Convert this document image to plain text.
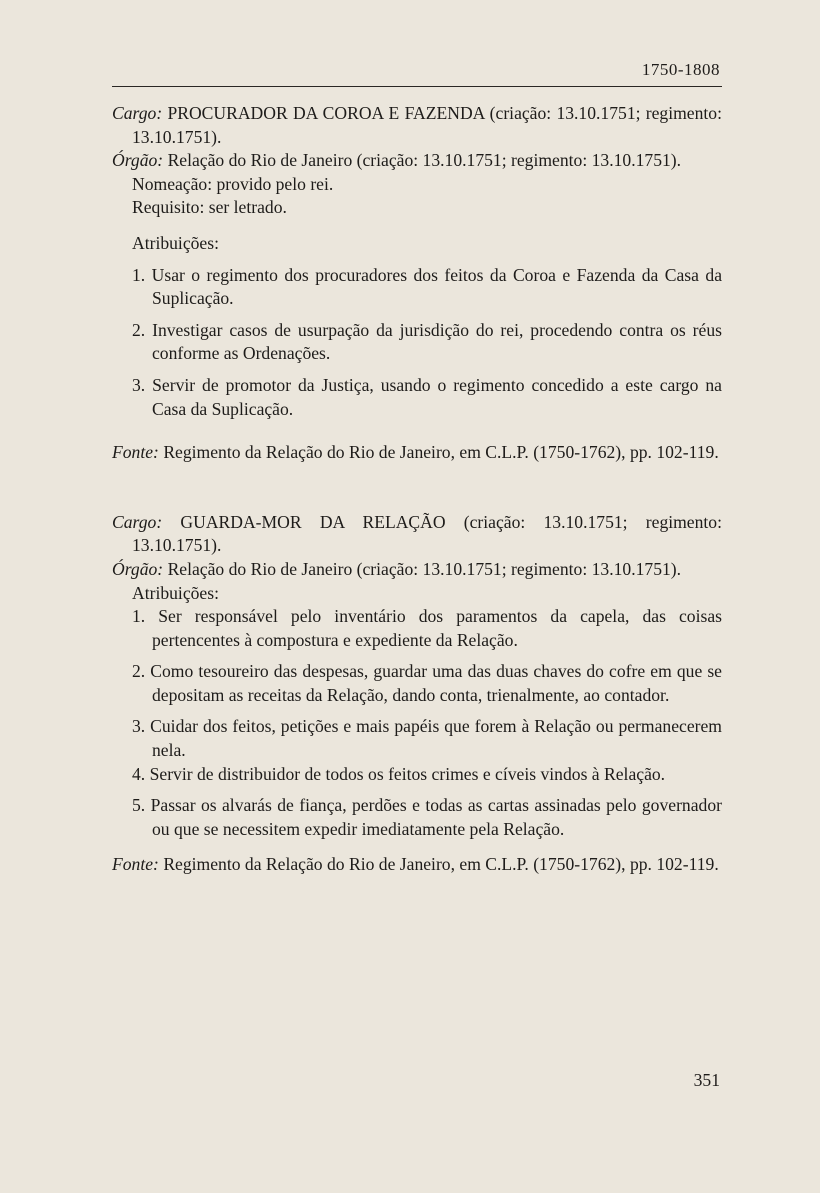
1750-1808

Cargo: PROCURADOR DA COROA E FAZENDA (criação: 13.10.1751; regimento: 13.10.1751).

Órgão: Relação do Rio de Janeiro (criação: 13.10.1751; regimento: 13.10.1751).

Nomeação: provido pelo rei.

Requisito: ser letrado.

Atribuições:

1. Usar o regimento dos procuradores dos feitos da Coroa e Fazenda da Casa da Suplicação.

2. Investigar casos de usurpação da jurisdição do rei, procedendo contra os réus conforme as Ordenações.

3. Servir de promotor da Justiça, usando o regimento concedido a este cargo na Casa da Suplicação.

Fonte: Regimento da Relação do Rio de Janeiro, em C.L.P. (1750-1762), pp. 102-119.

Cargo: GUARDA-MOR DA RELAÇÃO (criação: 13.10.1751; regimento: 13.10.1751).

Órgão: Relação do Rio de Janeiro (criação: 13.10.1751; regimento: 13.10.1751).

Atribuições:

1. Ser responsável pelo inventário dos paramentos da capela, das coisas pertencentes à compostura e expediente da Relação.

2. Como tesoureiro das despesas, guardar uma das duas chaves do cofre em que se depositam as receitas da Relação, dando conta, trienalmente, ao contador.

3. Cuidar dos feitos, petições e mais papéis que forem à Relação ou permanecerem nela.

4. Servir de distribuidor de todos os feitos crimes e cíveis vindos à Relação.

5. Passar os alvarás de fiança, perdões e todas as cartas assinadas pelo governador ou que se necessitem expedir imediatamente pela Relação.

Fonte: Regimento da Relação do Rio de Janeiro, em C.L.P. (1750-1762), pp. 102-119.

351
